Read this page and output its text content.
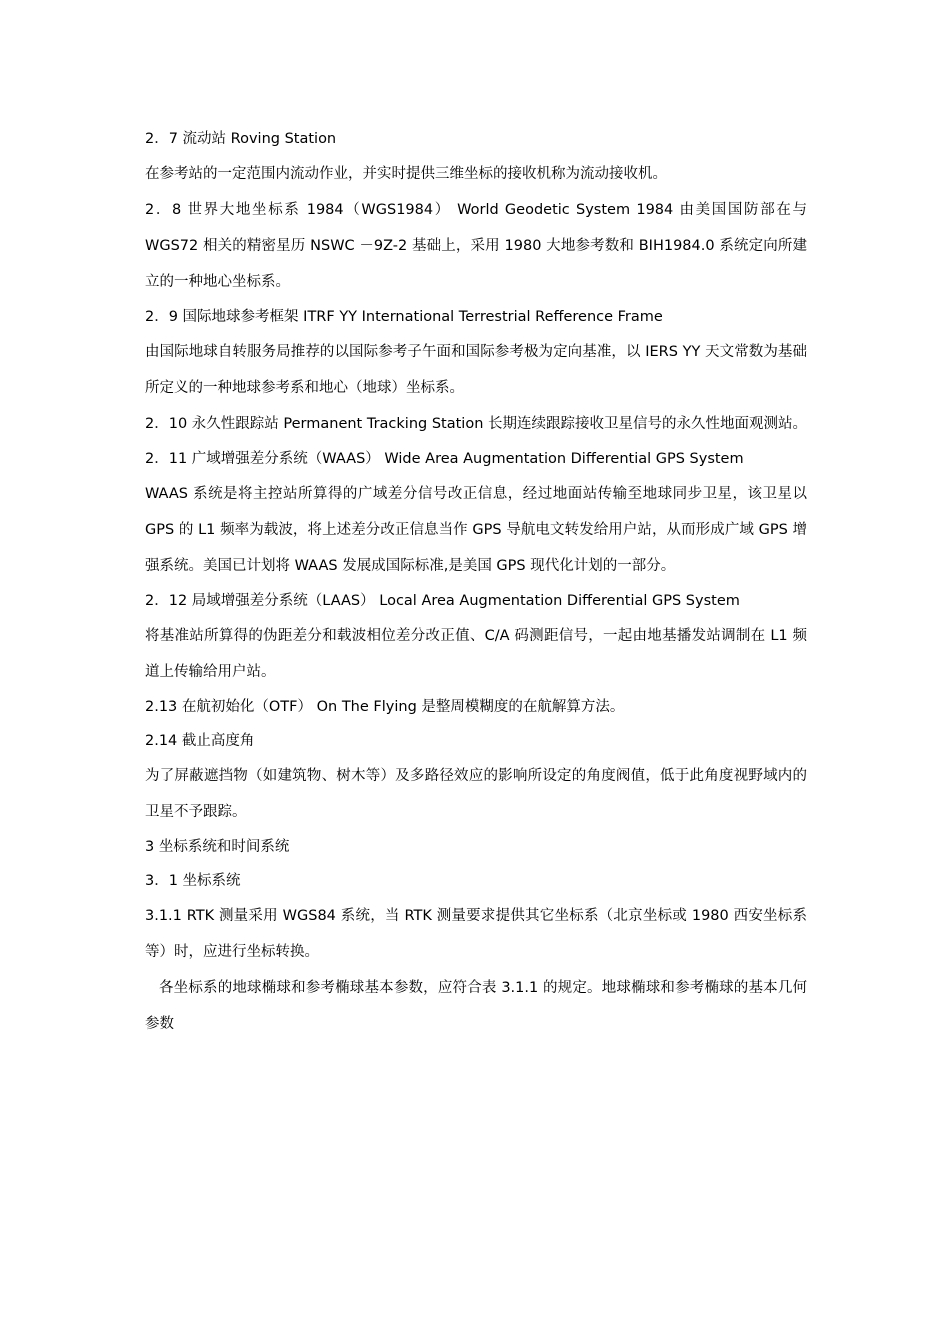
2．7 流动站 Roving Station

在参考站的一定范围内流动作业，并实时提供三维坐标的接收机称为流动接收机。

2．8 世界大地坐标系 1984（WGS1984） World Geodetic System 1984 由美国国防部在与 WGS72 相关的精密星历 NSWC －9Z-2 基础上，采用 1980 大地参考数和 BIH1984.0 系统定向所建立的一种地心坐标系。

2．9 国际地球参考框架 ITRF YY International Terrestrial Refference Frame

由国际地球自转服务局推荐的以国际参考子午面和国际参考极为定向基准，以 IERS YY 天文常数为基础所定义的一种地球参考系和地心（地球）坐标系。

2．10 永久性跟踪站 Permanent Tracking Station 长期连续跟踪接收卫星信号的永久性地面观测站。

2．11 广域增强差分系统（WAAS） Wide Area Augmentation Differential GPS System

WAAS 系统是将主控站所算得的广域差分信号改正信息，经过地面站传输至地球同步卫星，该卫星以 GPS 的 L1 频率为载波，将上述差分改正信息当作 GPS 导航电文转发给用户站，从而形成广域 GPS 增强系统。美国已计划将 WAAS 发展成国际标准,是美国 GPS 现代化计划的一部分。

2．12 局域增强差分系统（LAAS） Local Area Augmentation Differential GPS System

将基准站所算得的伪距差分和载波相位差分改正值、C/A 码测距信号，一起由地基播发站调制在 L1 频道上传输给用户站。

2.13 在航初始化（OTF） On The Flying 是整周模糊度的在航解算方法。

2.14 截止高度角

为了屏蔽遮挡物（如建筑物、树木等）及多路径效应的影响所设定的角度阀值，低于此角度视野域内的卫星不予跟踪。

3 坐标系统和时间系统

3．1 坐标系统

3.1.1 RTK 测量采用 WGS84 系统，当 RTK 测量要求提供其它坐标系（北京坐标或 1980 西安坐标系等）时，应进行坐标转换。

各坐标系的地球椭球和参考椭球基本参数，应符合表 3.1.1 的规定。地球椭球和参考椭球的基本几何参数
